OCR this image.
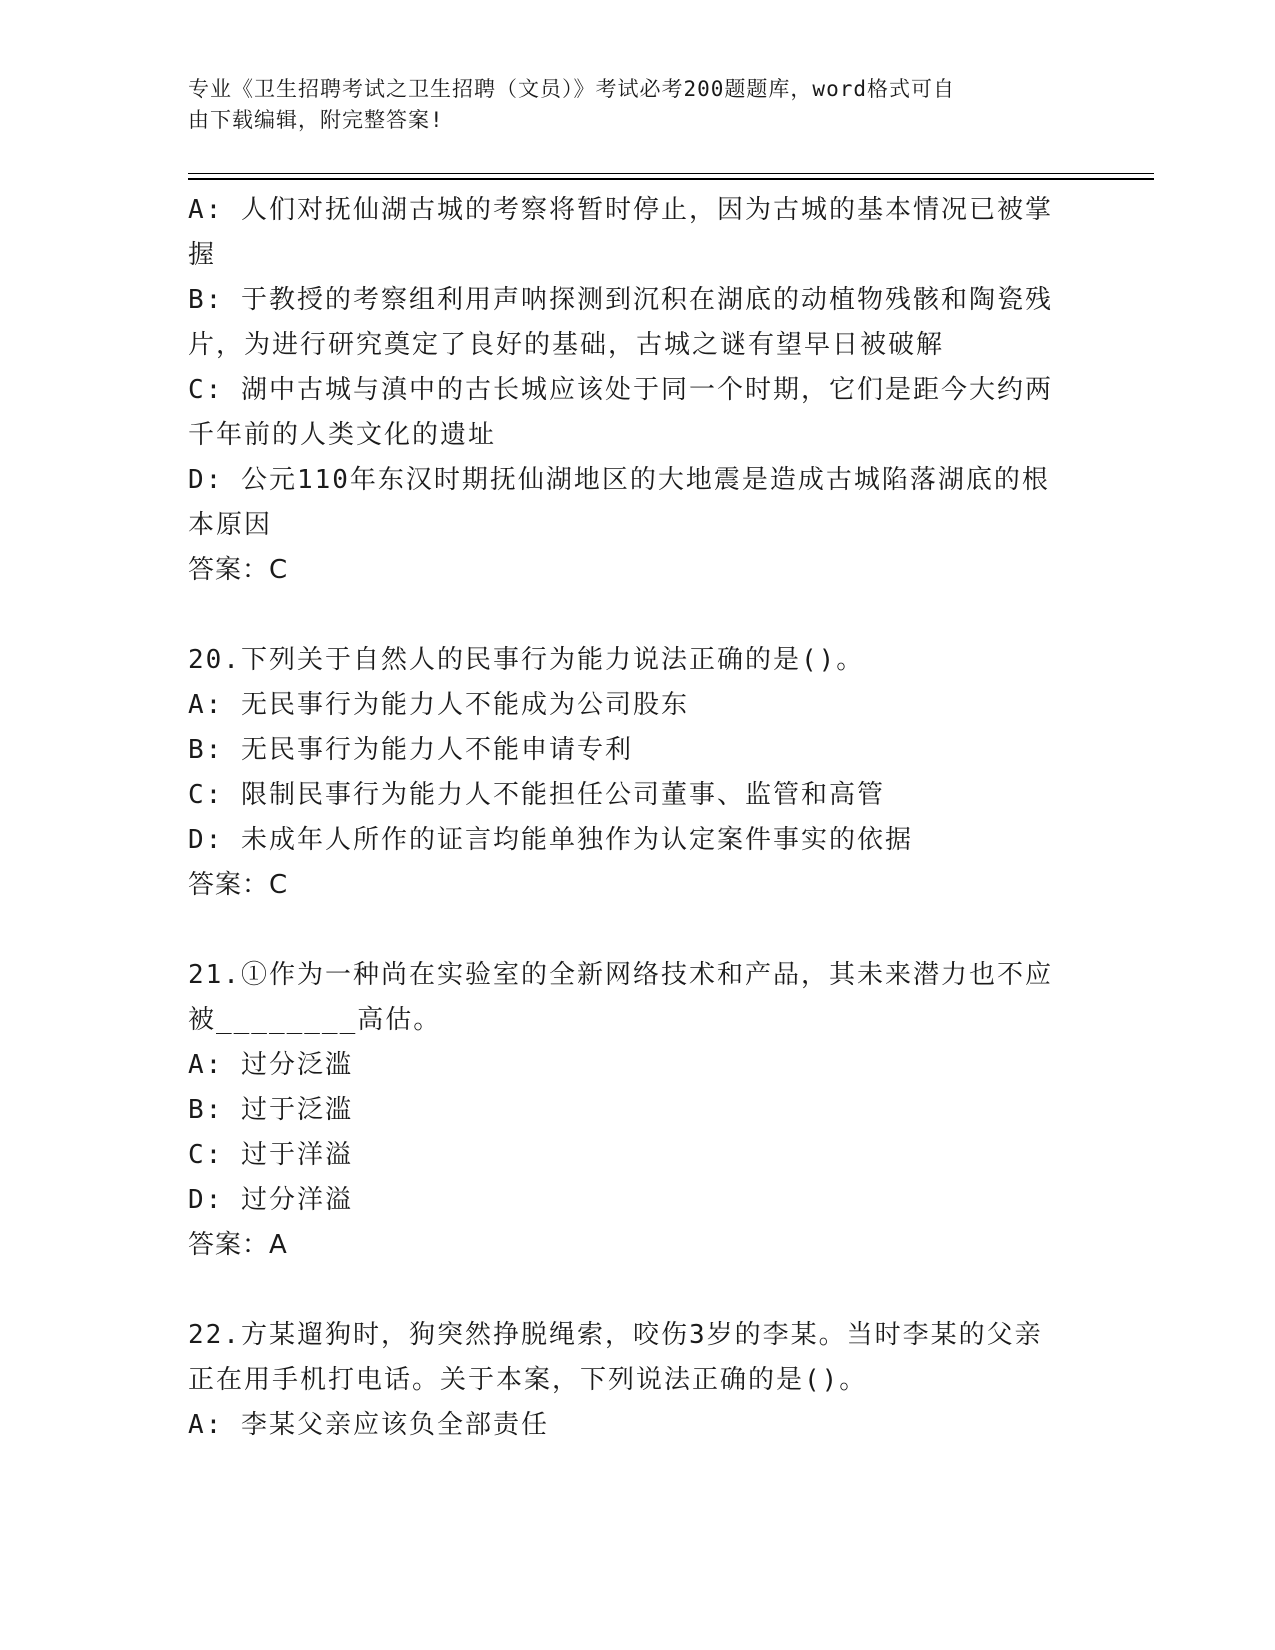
专业《卫生招聘考试之卫生招聘（文员）》考试必考200题题库，word格式可自
由下载编辑，附完整答案!
A: 人们对抚仙湖古城的考察将暂时停止，因为古城的基本情况已被掌
握
B: 于教授的考察组利用声呐探测到沉积在湖底的动植物残骸和陶瓷残
片，为进行研究奠定了良好的基础，古城之谜有望早日被破解
C: 湖中古城与滇中的古长城应该处于同一个时期，它们是距今大约两
千年前的人类文化的遗址
D: 公元110年东汉时期抚仙湖地区的大地震是造成古城陷落湖底的根
本原因
答案：C
20.下列关于自然人的民事行为能力说法正确的是()。
A: 无民事行为能力人不能成为公司股东
B: 无民事行为能力人不能申请专利
C: 限制民事行为能力人不能担任公司董事、监管和高管
D: 未成年人所作的证言均能单独作为认定案件事实的依据
答案：C
21.①作为一种尚在实验室的全新网络技术和产品，其未来潜力也不应
被________高估。
A: 过分泛滥
B: 过于泛滥
C: 过于洋溢
D: 过分洋溢
答案：A
22.方某遛狗时，狗突然挣脱绳索，咬伤3岁的李某。当时李某的父亲
正在用手机打电话。关于本案，下列说法正确的是()。
A: 李某父亲应该负全部责任
